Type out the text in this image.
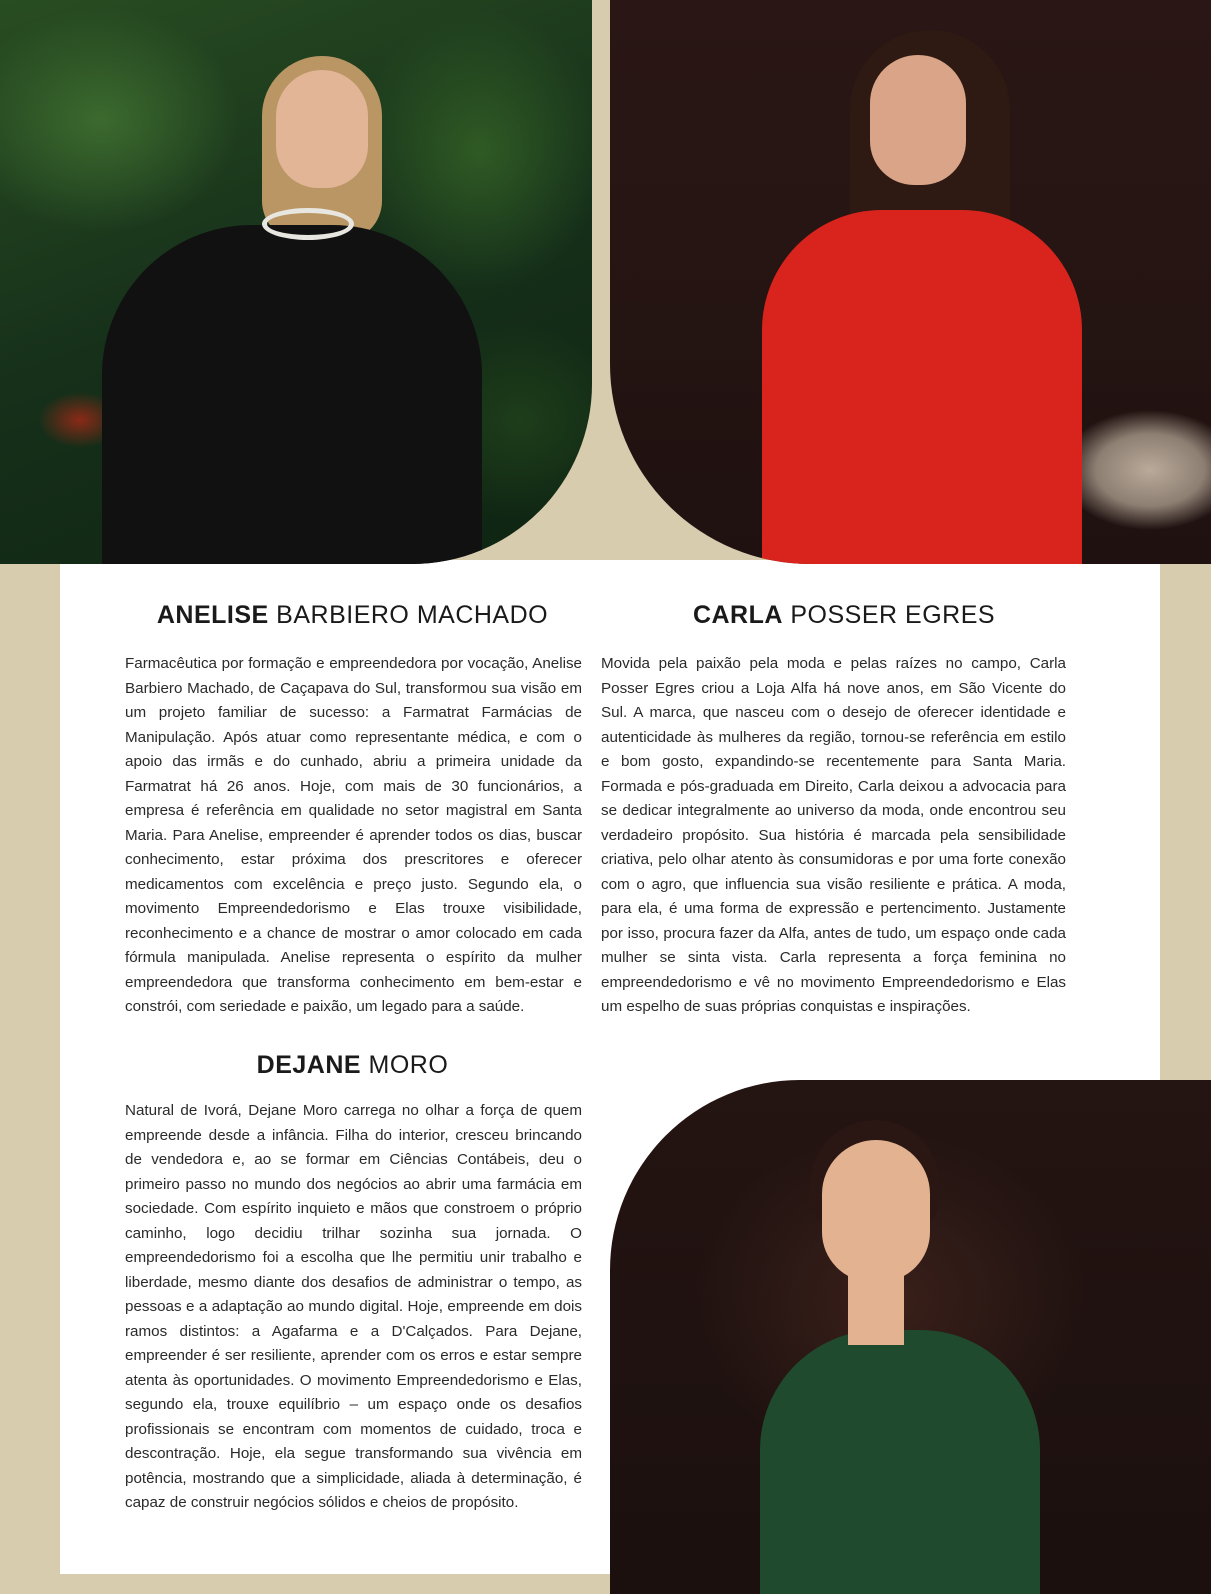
ANELISE BARBIERO MACHADO

Farmacêutica por formação e empreendedora por vocação, Anelise Barbiero Machado, de Caçapava do Sul, transformou sua visão em um projeto familiar de sucesso: a Farmatrat Farmácias de Manipulação. Após atuar como representante médica, e com o apoio das irmãs e do cunhado, abriu a primeira unidade da Farmatrat há 26 anos. Hoje, com mais de 30 funcionários, a empresa é referência em qualidade no setor magistral em Santa Maria. Para Anelise, empreender é aprender todos os dias, buscar conhecimento, estar próxima dos prescritores e oferecer medicamentos com excelência e preço justo. Segundo ela, o movimento Empreendedorismo e Elas trouxe visibilidade, reconhecimento e a chance de mostrar o amor colocado em cada fórmula manipulada. Anelise representa o espírito da mulher empreendedora que transforma conhecimento em bem-estar e constrói, com seriedade e paixão, um legado para a saúde.

CARLA POSSER EGRES

Movida pela paixão pela moda e pelas raízes no campo, Carla Posser Egres criou a Loja Alfa há nove anos, em São Vicente do Sul. A marca, que nasceu com o desejo de oferecer identidade e autenticidade às mulheres da região, tornou-se referência em estilo e bom gosto, expandindo-se recentemente para Santa Maria. Formada e pós-graduada em Direito, Carla deixou a advocacia para se dedicar integralmente ao universo da moda, onde encontrou seu verdadeiro propósito. Sua história é marcada pela sensibilidade criativa, pelo olhar atento às consumidoras e por uma forte conexão com o agro, que influencia sua visão resiliente e prática. A moda, para ela, é uma forma de expressão e pertencimento. Justamente por isso, procura fazer da Alfa, antes de tudo, um espaço onde cada mulher se sinta vista. Carla representa a força feminina no empreendedorismo e vê no movimento Empreendedorismo e Elas um espelho de suas próprias conquistas e inspirações.

DEJANE MORO

Natural de Ivorá, Dejane Moro carrega no olhar a força de quem empreende desde a infância. Filha do interior, cresceu brincando de vendedora e, ao se formar em Ciências Contábeis, deu o primeiro passo no mundo dos negócios ao abrir uma farmácia em sociedade. Com espírito inquieto e mãos que constroem o próprio caminho, logo decidiu trilhar sozinha sua jornada. O empreendedorismo foi a escolha que lhe permitiu unir trabalho e liberdade, mesmo diante dos desafios de administrar o tempo, as pessoas e a adaptação ao mundo digital. Hoje, empreende em dois ramos distintos: a Agafarma e a D'Calçados. Para Dejane, empreender é ser resiliente, aprender com os erros e estar sempre atenta às oportunidades. O movimento Empreendedorismo e Elas, segundo ela, trouxe equilíbrio – um espaço onde os desafios profissionais se encontram com momentos de cuidado, troca e descontração. Hoje, ela segue transformando sua vivência em potência, mostrando que a simplicidade, aliada à determinação, é capaz de construir negócios sólidos e cheios de propósito.
